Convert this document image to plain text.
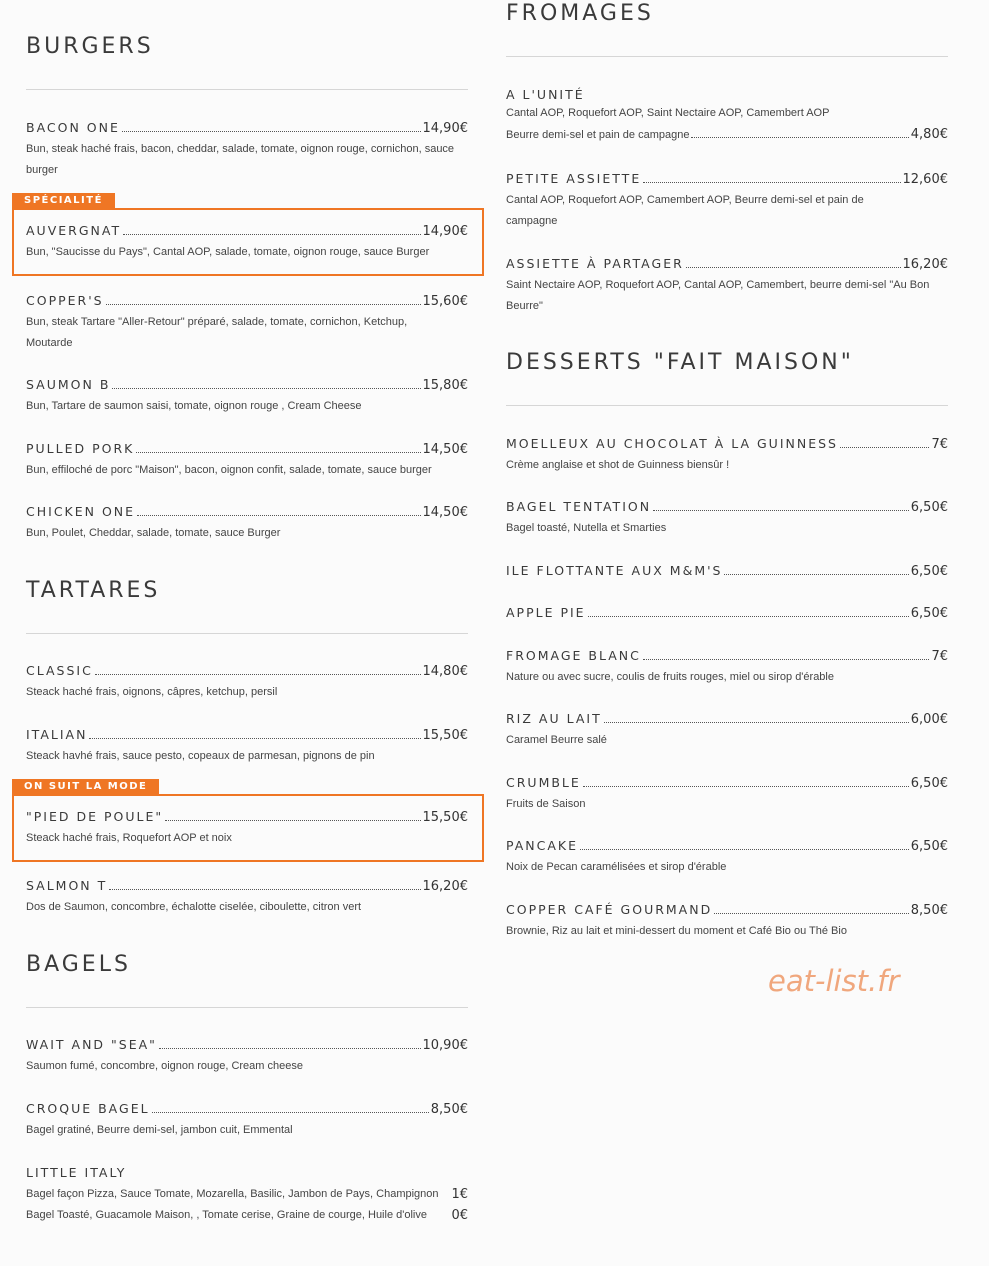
BURGERS
BACON ONE	14,90€
Bun, steak haché frais, bacon, cheddar, salade, tomate, oignon rouge, cornichon, sauce burger
SPÉCIALITÉ
AUVERGNAT	14,90€
Bun, "Saucisse du Pays", Cantal AOP, salade, tomate, oignon rouge, sauce Burger
COPPER'S	15,60€
Bun, steak Tartare "Aller-Retour" préparé, salade, tomate, cornichon, Ketchup, Moutarde
SAUMON B	15,80€
Bun, Tartare de saumon saisi, tomate, oignon rouge , Cream Cheese
PULLED PORK	14,50€
Bun, effiloché de porc "Maison", bacon, oignon confit, salade, tomate, sauce burger
CHICKEN ONE	14,50€
Bun, Poulet, Cheddar, salade, tomate, sauce Burger
TARTARES
CLASSIC	14,80€
Steack haché frais, oignons, câpres, ketchup, persil
ITALIAN	15,50€
Steack havhé frais, sauce pesto, copeaux de parmesan, pignons de pin
ON SUIT LA MODE
"PIED DE POULE"	15,50€
Steack haché frais, Roquefort AOP et noix
SALMON T	16,20€
Dos de Saumon, concombre, échalotte ciselée, ciboulette, citron vert
BAGELS
WAIT AND "SEA"	10,90€
Saumon fumé, concombre, oignon rouge, Cream cheese
CROQUE BAGEL	8,50€
Bagel gratiné, Beurre demi-sel, jambon cuit, Emmental
LITTLE ITALY
Bagel façon Pizza, Sauce Tomate, Mozarella, Basilic, Jambon de Pays, Champignon 1€
Bagel Toasté, Guacamole Maison, , Tomate cerise, Graine de courge, Huile d'olive 0€
FROMAGES
A L'UNITÉ
Cantal AOP, Roquefort AOP, Saint Nectaire AOP, Camembert AOP
Beurre demi-sel et pain de campagne	4,80€
PETITE ASSIETTE	12,60€
Cantal AOP, Roquefort AOP, Camembert AOP, Beurre demi-sel et pain de campagne
ASSIETTE À PARTAGER	16,20€
Saint Nectaire AOP, Roquefort AOP, Cantal AOP, Camembert, beurre demi-sel "Au Bon Beurre"
DESSERTS "FAIT MAISON"
MOELLEUX AU CHOCOLAT À LA GUINNESS	7€
Crème anglaise et shot de Guinness biensûr !
BAGEL TENTATION	6,50€
Bagel toasté, Nutella et Smarties
ILE FLOTTANTE AUX M&M'S	6,50€
APPLE PIE	6,50€
FROMAGE BLANC	7€
Nature ou avec sucre, coulis de fruits rouges, miel ou sirop d'érable
RIZ AU LAIT	6,00€
Caramel Beurre salé
CRUMBLE	6,50€
Fruits de Saison
PANCAKE	6,50€
Noix de Pecan caramélisées et sirop d'érable
COPPER CAFÉ GOURMAND	8,50€
Brownie, Riz au lait et mini-dessert du moment et Café Bio ou Thé Bio
eat-list.fr
